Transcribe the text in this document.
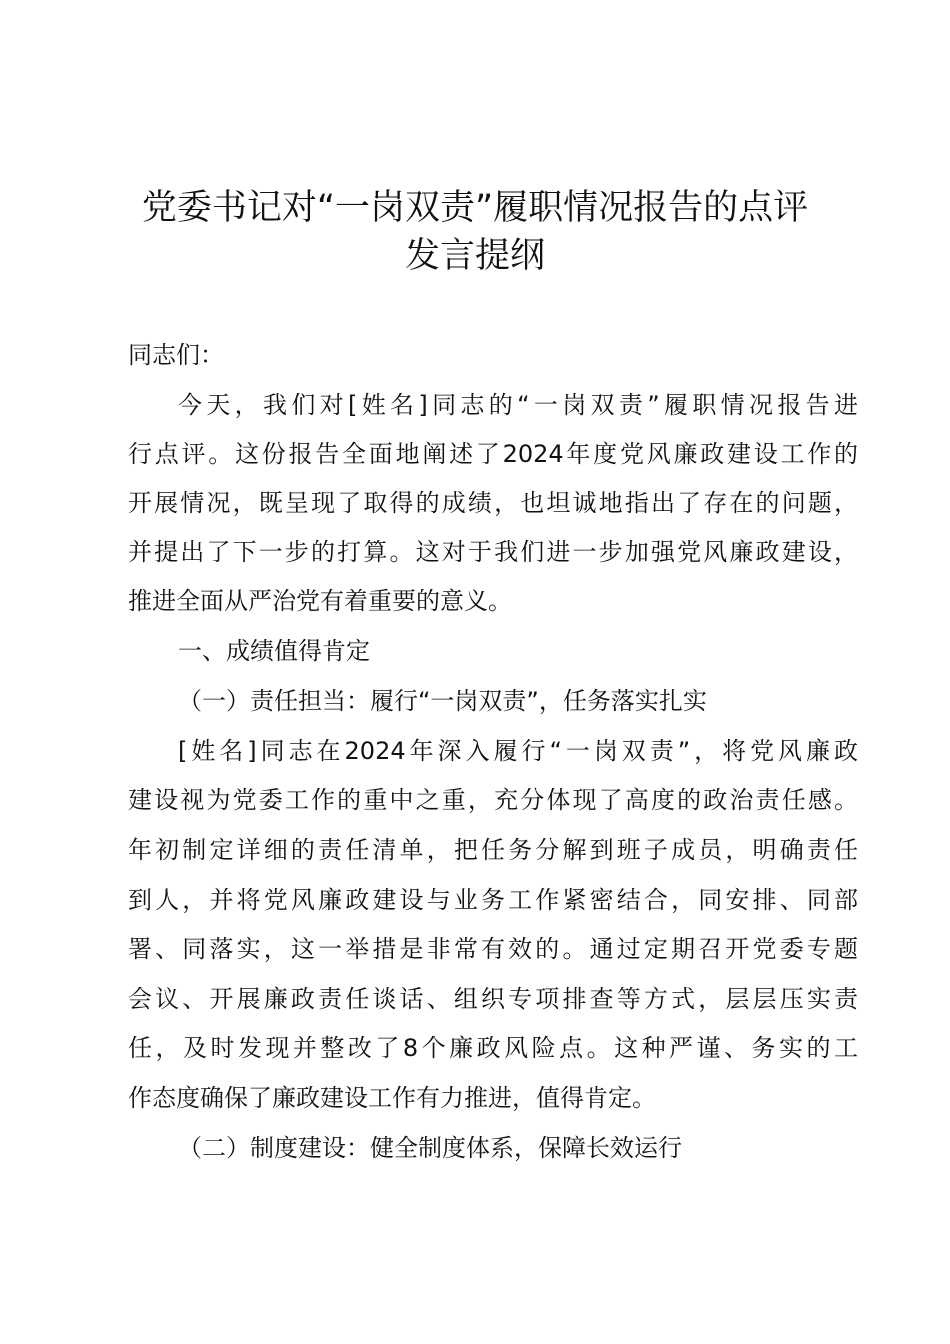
党委书记对“一岗双责”履职情况报告的点评
发言提纲

同志们：

今天，我们对[姓名]同志的“一岗双责”履职情况报告进

行点评。这份报告全面地阐述了2024年度党风廉政建设工作的

开展情况，既呈现了取得的成绩，也坦诚地指出了存在的问题，

并提出了下一步的打算。这对于我们进一步加强党风廉政建设，

推进全面从严治党有着重要的意义。

一、成绩值得肯定

（一）责任担当：履行“一岗双责”，任务落实扎实

[姓名]同志在2024年深入履行“一岗双责”，将党风廉政

建设视为党委工作的重中之重，充分体现了高度的政治责任感。

年初制定详细的责任清单，把任务分解到班子成员，明确责任

到人，并将党风廉政建设与业务工作紧密结合，同安排、同部

署、同落实，这一举措是非常有效的。通过定期召开党委专题

会议、开展廉政责任谈话、组织专项排查等方式，层层压实责

任，及时发现并整改了8个廉政风险点。这种严谨、务实的工

作态度确保了廉政建设工作有力推进，值得肯定。

（二）制度建设：健全制度体系，保障长效运行
